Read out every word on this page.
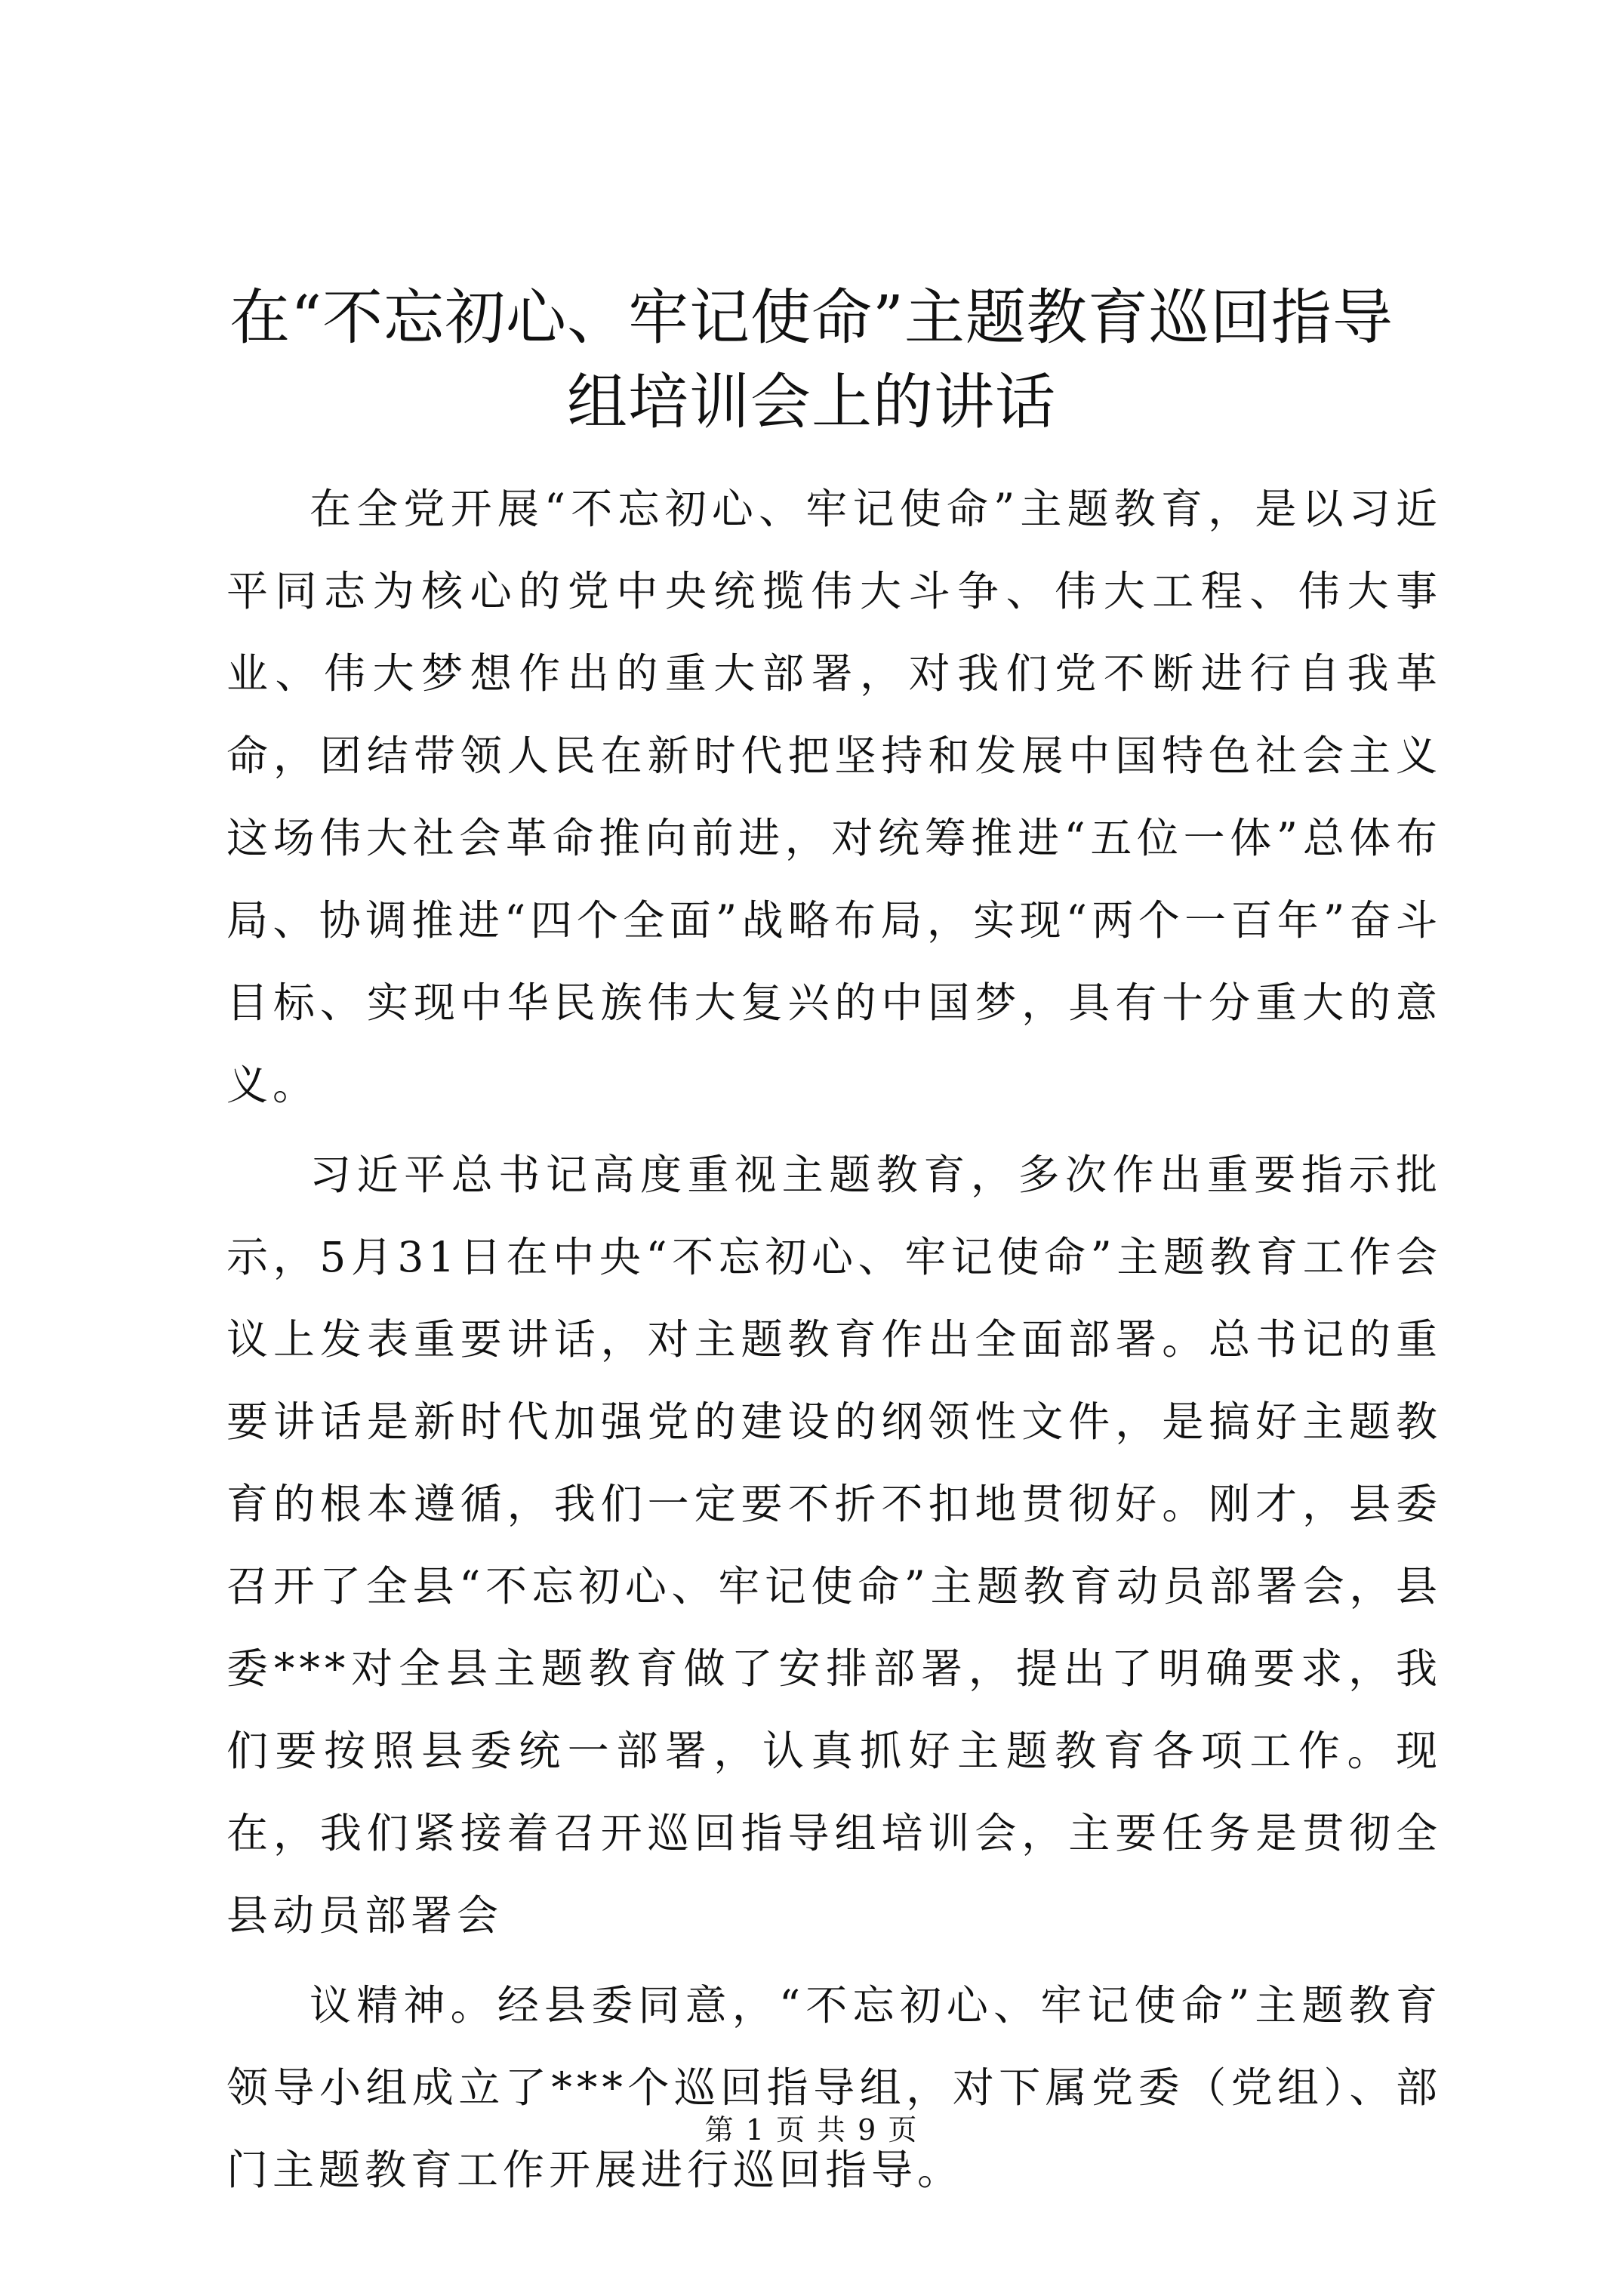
在“不忘初心、牢记使命”主题教育巡回指导
组培训会上的讲话

在全党开展“不忘初心、牢记使命”主题教育，是以习近平同志为核心的党中央统揽伟大斗争、伟大工程、伟大事业、伟大梦想作出的重大部署，对我们党不断进行自我革命，团结带领人民在新时代把坚持和发展中国特色社会主义这场伟大社会革命推向前进，对统筹推进“五位一体”总体布局、协调推进“四个全面”战略布局，实现“两个一百年”奋斗目标、实现中华民族伟大复兴的中国梦，具有十分重大的意义。

习近平总书记高度重视主题教育，多次作出重要指示批示，5月31日在中央“不忘初心、牢记使命”主题教育工作会议上发表重要讲话，对主题教育作出全面部署。总书记的重要讲话是新时代加强党的建设的纲领性文件，是搞好主题教育的根本遵循，我们一定要不折不扣地贯彻好。刚才，县委召开了全县“不忘初心、牢记使命”主题教育动员部署会，县委***对全县主题教育做了安排部署，提出了明确要求，我们要按照县委统一部署，认真抓好主题教育各项工作。现在，我们紧接着召开巡回指导组培训会，主要任务是贯彻全县动员部署会

议精神。经县委同意，“不忘初心、牢记使命”主题教育领导小组成立了***个巡回指导组，对下属党委（党组）、部门主题教育工作开展进行巡回指导。

第 1 页 共 9 页
